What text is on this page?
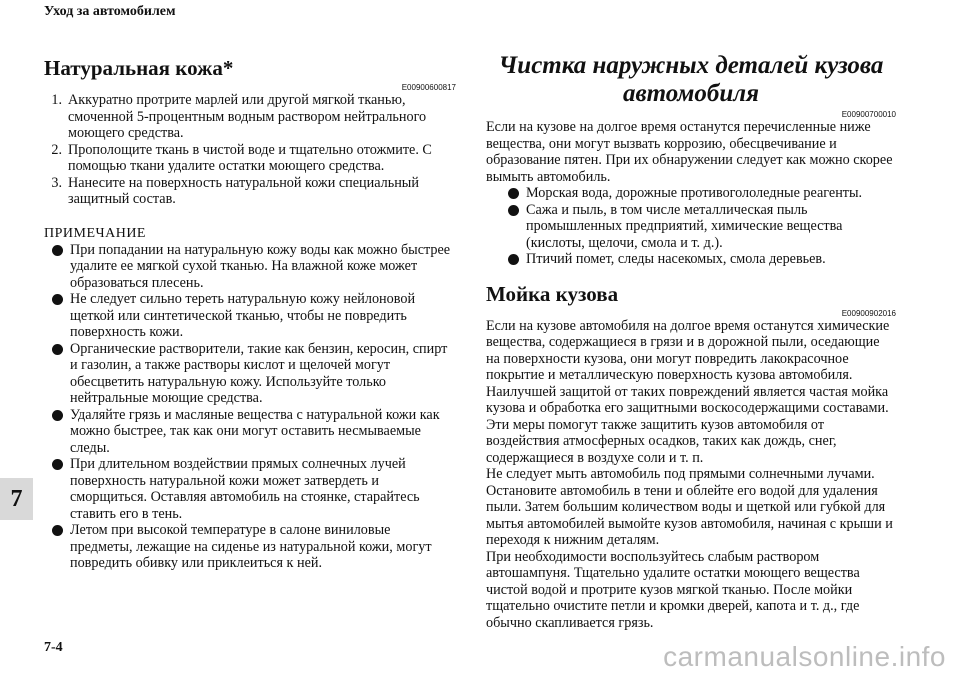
Уход за автомобилем
7
7-4	carmanualsonline.info
Натуральная кожа*
E00900600817
1. Аккуратно протрите марлей или другой мягкой тканью, смоченной 5-процентным водным раствором нейтрального моющего средства.
2. Прополощите ткань в чистой воде и тщательно отожмите. С помощью ткани удалите остатки моющего средства.
3. Нанесите на поверхность натуральной кожи специальный защитный состав.
ПРИМЕЧАНИЕ
При попадании на натуральную кожу воды как можно быстрее удалите ее мягкой сухой тканью. На влажной коже может образоваться плесень.
Не следует сильно тереть натуральную кожу нейлоновой щеткой или синтетической тканью, чтобы не повредить поверхность кожи.
Органические растворители, такие как бензин, керосин, спирт и газолин, а также растворы кислот и щелочей могут обесцветить натуральную кожу. Используйте только нейтральные моющие средства.
Удаляйте грязь и масляные вещества с натуральной кожи как можно быстрее, так как они могут оставить несмываемые следы.
При длительном воздействии прямых солнечных лучей поверхность натуральной кожи может затвердеть и сморщиться. Оставляя автомобиль на стоянке, старайтесь ставить его в тень.
Летом при высокой температуре в салоне виниловые предметы, лежащие на сиденье из натуральной кожи, могут повредить обивку или приклеиться к ней.
Чистка наружных деталей кузова
автомобиля
E00900700010
Если на кузове на долгое время останутся перечисленные ниже вещества, они могут вызвать коррозию, обесцвечивание и образование пятен. При их обнаружении следует как можно скорее вымыть автомобиль.
Морская вода, дорожные противогололедные реагенты.
Сажа и пыль, в том числе металлическая пыль промышленных предприятий, химические вещества (кислоты, щелочи, смола и т. д.).
Птичий помет, следы насекомых, смола деревьев.
Мойка кузова
E00900902016
Если на кузове автомобиля на долгое время останутся химические вещества, содержащиеся в грязи и в дорожной пыли, оседающие на поверхности кузова, они могут повредить лакокрасочное покрытие и металлическую поверхность кузова автомобиля.
Наилучшей защитой от таких повреждений является частая мойка кузова и обработка его защитными воскосодержащими составами.
Эти меры помогут также защитить кузов автомобиля от воздействия атмосферных осадков, таких как дождь, снег, содержащиеся в воздухе соли и т. п.
Не следует мыть автомобиль под прямыми солнечными лучами.
Остановите автомобиль в тени и облейте его водой для удаления пыли. Затем большим количеством воды и щеткой или губкой для мытья автомобилей вымойте кузов автомобиля, начиная с крыши и переходя к нижним деталям.
При необходимости воспользуйтесь слабым раствором автошампуня. Тщательно удалите остатки моющего вещества чистой водой и протрите кузов мягкой тканью. После мойки тщательно очистите петли и кромки дверей, капота и т. д., где обычно скапливается грязь.
